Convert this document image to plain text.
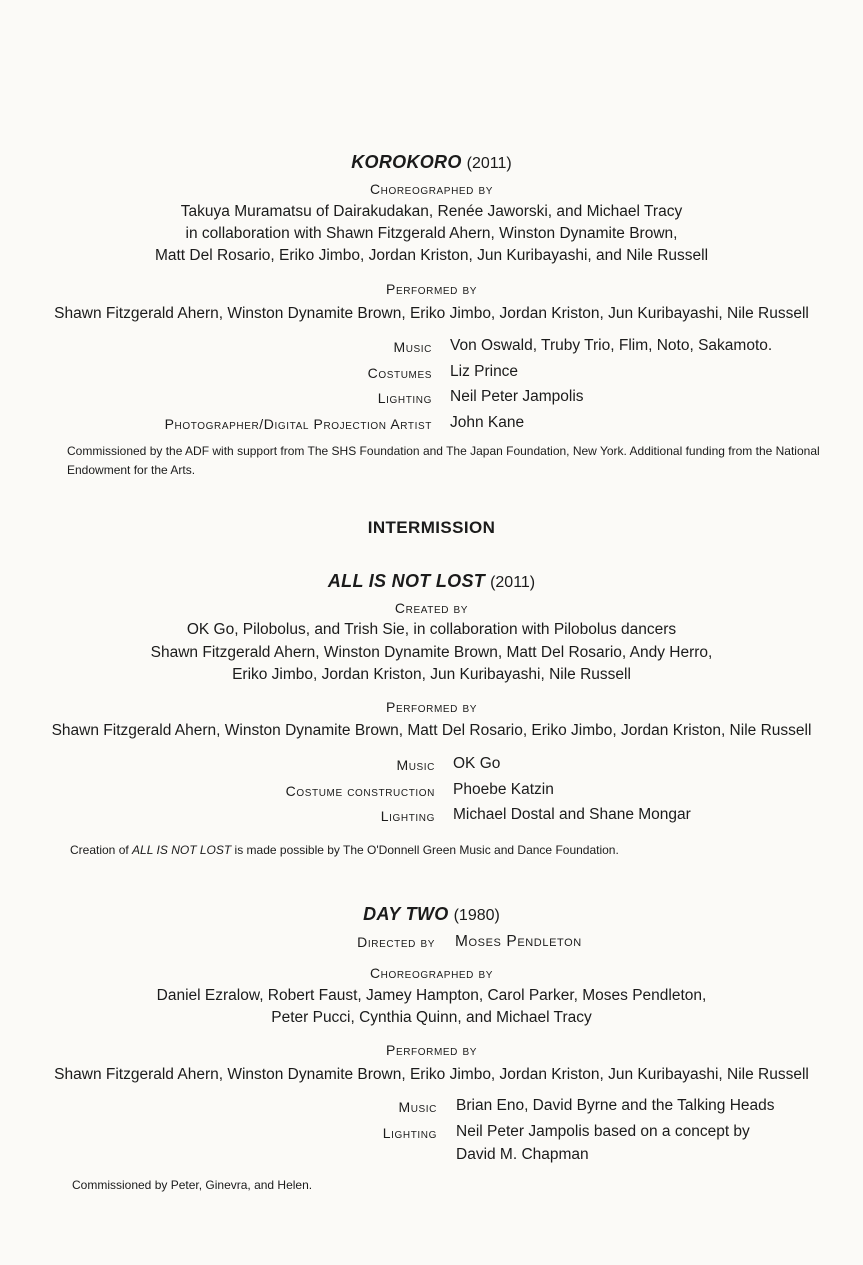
KOROKORO (2011)
Choreographed by
Takuya Muramatsu of Dairakudakan, Renée Jaworski, and Michael Tracy
in collaboration with Shawn Fitzgerald Ahern, Winston Dynamite Brown,
Matt Del Rosario, Eriko Jimbo, Jordan Kriston, Jun Kuribayashi, and Nile Russell
Performed by
Shawn Fitzgerald Ahern, Winston Dynamite Brown, Eriko Jimbo, Jordan Kriston, Jun Kuribayashi, Nile Russell
Music Von Oswald, Truby Trio, Flim, Noto, Sakamoto.
Costumes Liz Prince
Lighting Neil Peter Jampolis
Photographer/Digital Projection Artist John Kane
Commissioned by the ADF with support from The SHS Foundation and The Japan Foundation, New York. Additional funding from the National Endowment for the Arts.
INTERMISSION
ALL IS NOT LOST (2011)
Created by
OK Go, Pilobolus, and Trish Sie, in collaboration with Pilobolus dancers
Shawn Fitzgerald Ahern, Winston Dynamite Brown, Matt Del Rosario, Andy Herro,
Eriko Jimbo, Jordan Kriston, Jun Kuribayashi, Nile Russell
Performed by
Shawn Fitzgerald Ahern, Winston Dynamite Brown, Matt Del Rosario, Eriko Jimbo, Jordan Kriston, Nile Russell
Music OK Go
Costume construction Phoebe Katzin
Lighting Michael Dostal and Shane Mongar
Creation of ALL IS NOT LOST is made possible by The O'Donnell Green Music and Dance Foundation.
DAY TWO (1980)
Directed by Moses Pendleton
Choreographed by
Daniel Ezralow, Robert Faust, Jamey Hampton, Carol Parker, Moses Pendleton,
Peter Pucci, Cynthia Quinn, and Michael Tracy
Performed by
Shawn Fitzgerald Ahern, Winston Dynamite Brown, Eriko Jimbo, Jordan Kriston, Jun Kuribayashi, Nile Russell
Music Brian Eno, David Byrne and the Talking Heads
Lighting Neil Peter Jampolis based on a concept by
David M. Chapman
Commissioned by Peter, Ginevra, and Helen.
